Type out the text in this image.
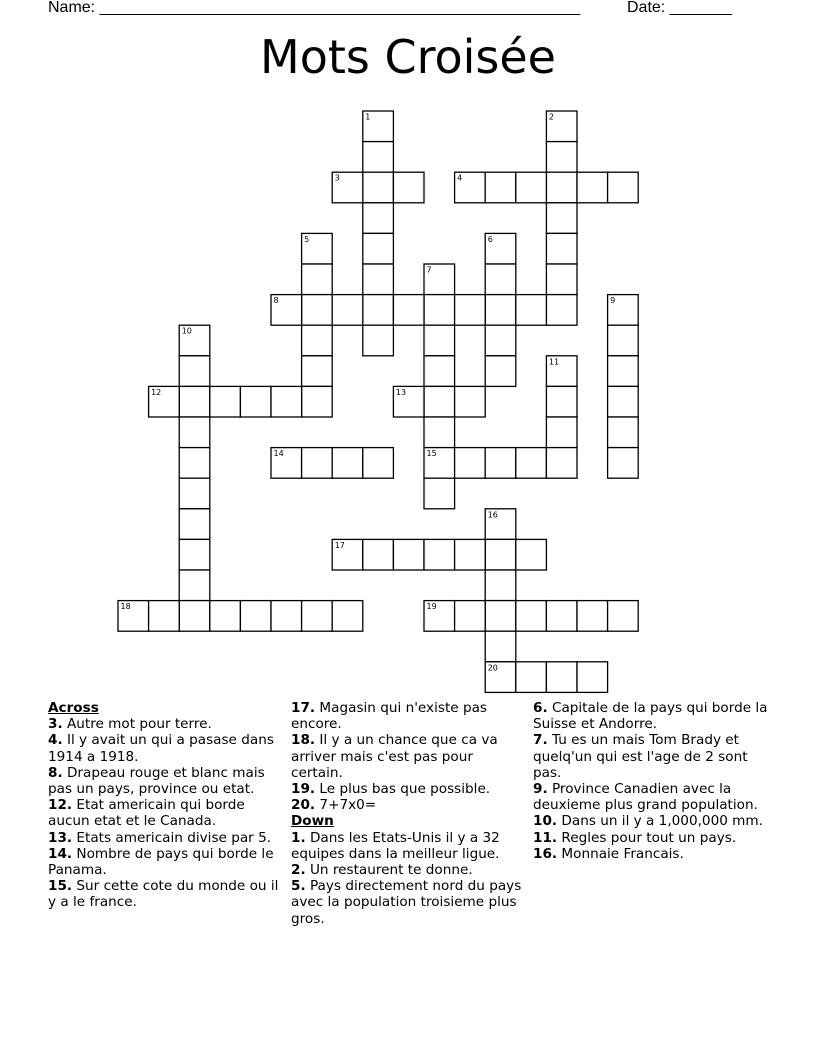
Name: ______________________________________________________	Date: _______
Mots Croisée
1	2
3	4
5	6
7
8	9
10
11
12	13
14	15
16
17
18	19
20
Across
3. Autre mot pour terre.
4. Il y avait un qui a pasase dans 1914 a 1918.
8. Drapeau rouge et blanc mais pas un pays, province ou etat.
12. Etat americain qui borde aucun etat et le Canada.
13. Etats americain divise par 5.
14. Nombre de pays qui borde le Panama.
15. Sur cette cote du monde ou il y a le france.
17. Magasin qui n'existe pas encore.
18. Il y a un chance que ca va arriver mais c'est pas pour certain.
19. Le plus bas que possible.
20. 7+7x0=
Down
1. Dans les Etats-Unis il y a 32 equipes dans la meilleur ligue.
2. Un restaurent te donne.
5. Pays directement nord du pays avec la population troisieme plus gros.
6. Capitale de la pays qui borde la Suisse et Andorre.
7. Tu es un mais Tom Brady et quelq'un qui est l'age de 2 sont pas.
9. Province Canadien avec la deuxieme plus grand population.
10. Dans un il y a 1,000,000 mm.
11. Regles pour tout un pays.
16. Monnaie Francais.
